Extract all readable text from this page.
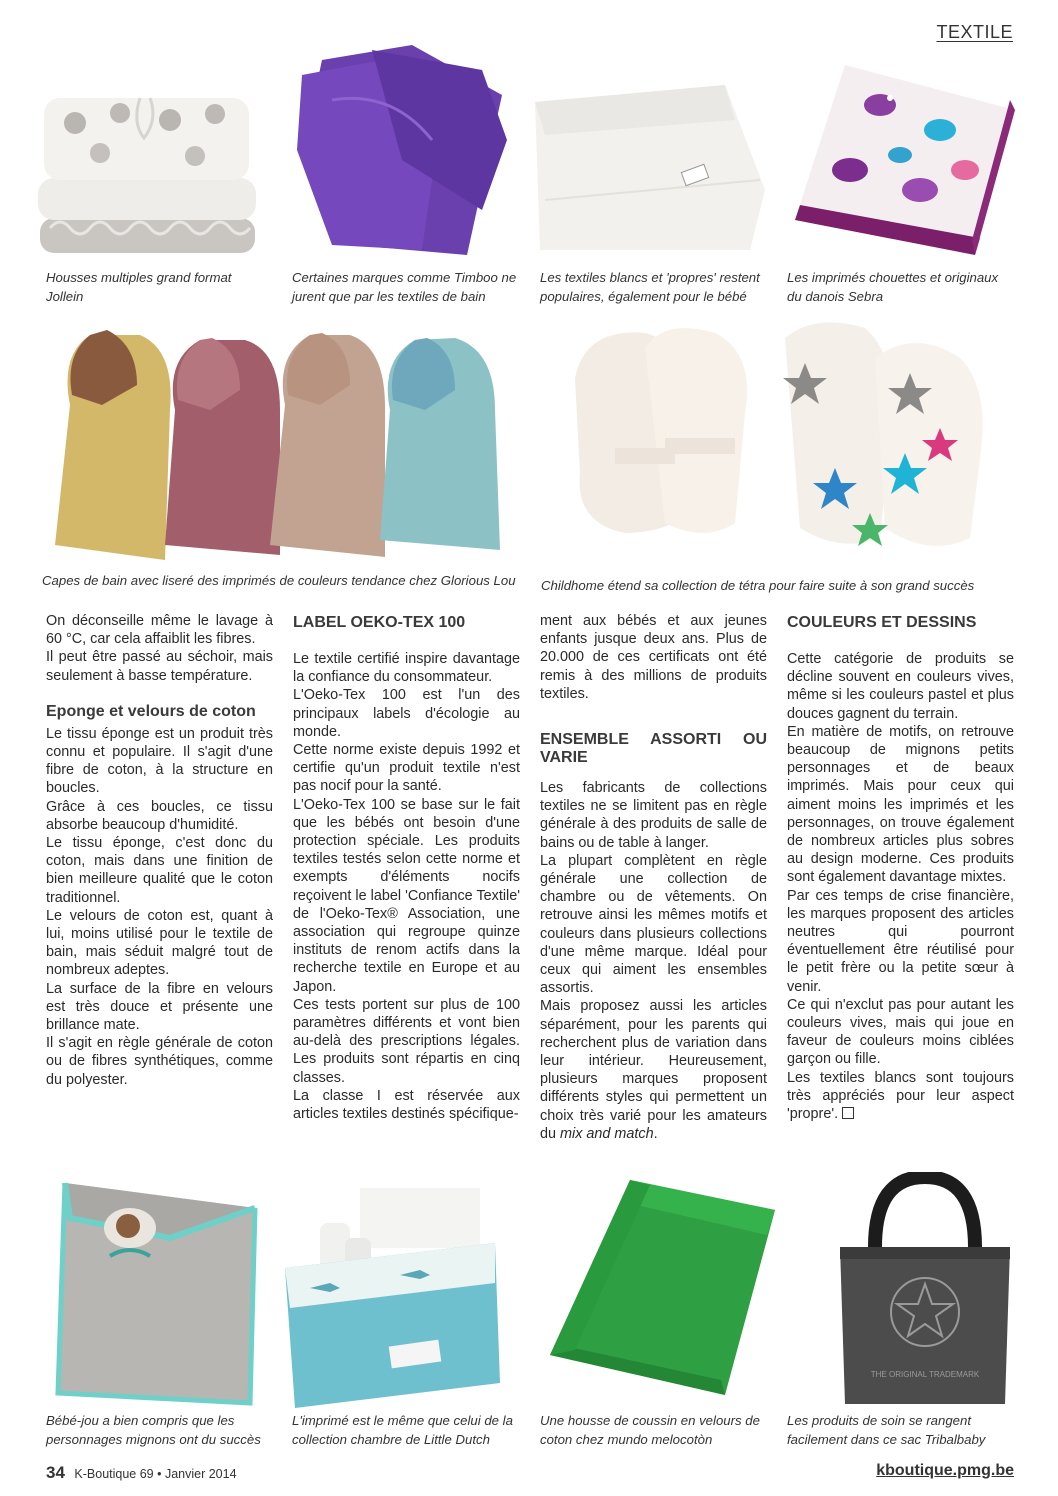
TEXTILE
Housses multiples grand format Jollein
Certaines marques comme Timboo ne jurent que par les textiles de bain
Les textiles blancs et 'propres' restent populaires, également pour le bébé
Les imprimés chouettes et originaux du danois Sebra
Capes de bain avec liseré des imprimés de couleurs tendance chez Glorious Lou	Childhome étend sa collection de tétra pour faire suite à son grand succès

On déconseille même le lavage à 60 °C, car cela affaiblit les fibres.

Il peut être passé au séchoir, mais seulement à basse température.

Eponge et velours de coton

Le tissu éponge est un produit très connu et populaire. Il s'agit d'une fibre de coton, à la structure en boucles.

Grâce à ces boucles, ce tissu absorbe beaucoup d'humidité.

Le tissu éponge, c'est donc du coton, mais dans une finition de bien meilleure qualité que le coton traditionnel.

Le velours de coton est, quant à lui, moins utilisé pour le textile de bain, mais séduit malgré tout de nombreux adeptes.

La surface de la fibre en velours est très douce et présente une brillance mate.

Il s'agit en règle générale de coton ou de fibres synthétiques, comme du polyester.

LABEL OEKO-TEX 100

Le textile certifié inspire davantage la confiance du consommateur.

L'Oeko-Tex 100 est l'un des principaux labels d'écologie au monde.

Cette norme existe depuis 1992 et certifie qu'un produit textile n'est pas nocif pour la santé.

L'Oeko-Tex 100 se base sur le fait que les bébés ont besoin d'une protection spéciale. Les produits textiles testés selon cette norme et exempts d'éléments nocifs reçoivent le label 'Confiance Textile' de l'Oeko-Tex® Association, une association qui regroupe quinze instituts de renom actifs dans la recherche textile en Europe et au Japon.

Ces tests portent sur plus de 100 paramètres différents et vont bien au-delà des prescriptions légales. Les produits sont répartis en cinq classes.

La classe I est réservée aux articles textiles destinés spécifique-

ment aux bébés et aux jeunes enfants jusque deux ans. Plus de 20.000 de ces certificats ont été remis à des millions de produits textiles.

ENSEMBLE ASSORTI OU VARIE

Les fabricants de collections textiles ne se limitent pas en règle générale à des produits de salle de bains ou de table à langer.

La plupart complètent en règle générale une collection de chambre ou de vêtements. On retrouve ainsi les mêmes motifs et couleurs dans plusieurs collections d'une même marque. Idéal pour ceux qui aiment les ensembles assortis.

Mais proposez aussi les articles séparément, pour les parents qui recherchent plus de variation dans leur intérieur. Heureusement, plusieurs marques proposent différents styles qui permettent un choix très varié pour les amateurs du mix and match.

COULEURS ET DESSINS

Cette catégorie de produits se décline souvent en couleurs vives, même si les couleurs pastel et plus douces gagnent du terrain.

En matière de motifs, on retrouve beaucoup de mignons petits personnages et de beaux imprimés. Mais pour ceux qui aiment moins les imprimés et les personnages, on trouve également de nombreux articles plus sobres au design moderne. Ces produits sont également davantage mixtes.

Par ces temps de crise financière, les marques proposent des articles neutres qui pourront éventuellement être réutilisé pour le petit frère ou la petite sœur à venir.

Ce qui n'exclut pas pour autant les couleurs vives, mais qui joue en faveur de couleurs moins ciblées garçon ou fille.

Les textiles blancs sont toujours très appréciés pour leur aspect 'propre'.

THE ORIGINAL TRADEMARK
Bébé-jou a bien compris que les personnages mignons ont du succès
L'imprimé est le même que celui de la collection chambre de Little Dutch
Une housse de coussin en velours de coton chez mundo melocotòn
Les produits de soin se rangent facilement dans ce sac Tribalbaby
34 K-Boutique 69 • Janvier 2014	kboutique.pmg.be
